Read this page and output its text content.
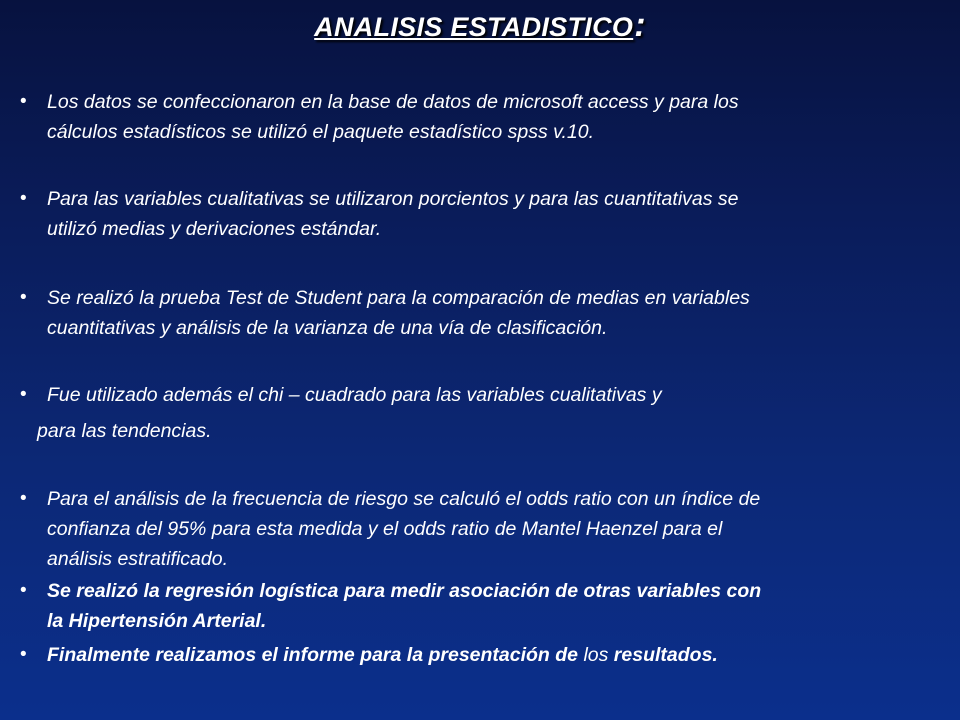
ANALISIS ESTADISTICO:
• Los datos se confeccionaron en la base de datos de microsoft access y para los
cálculos estadísticos se utilizó el paquete estadístico spss v.10.
• Para las variables cualitativas se utilizaron porcientos y para las cuantitativas se
utilizó medias y derivaciones estándar.
• Se realizó la prueba Test de Student para la comparación de medias en variables
cuantitativas y análisis de la varianza de una vía de clasificación.
• Fue utilizado además el chi – cuadrado para las variables cualitativas y
para las tendencias.
• Para el análisis de la frecuencia de riesgo se calculó el odds ratio con un índice de
confianza del 95% para esta medida y el odds ratio de Mantel Haenzel para el
análisis estratificado.
• Se realizó la regresión logística para medir asociación de otras variables con
la Hipertensión Arterial.
• Finalmente realizamos el informe para la presentación de los resultados.
